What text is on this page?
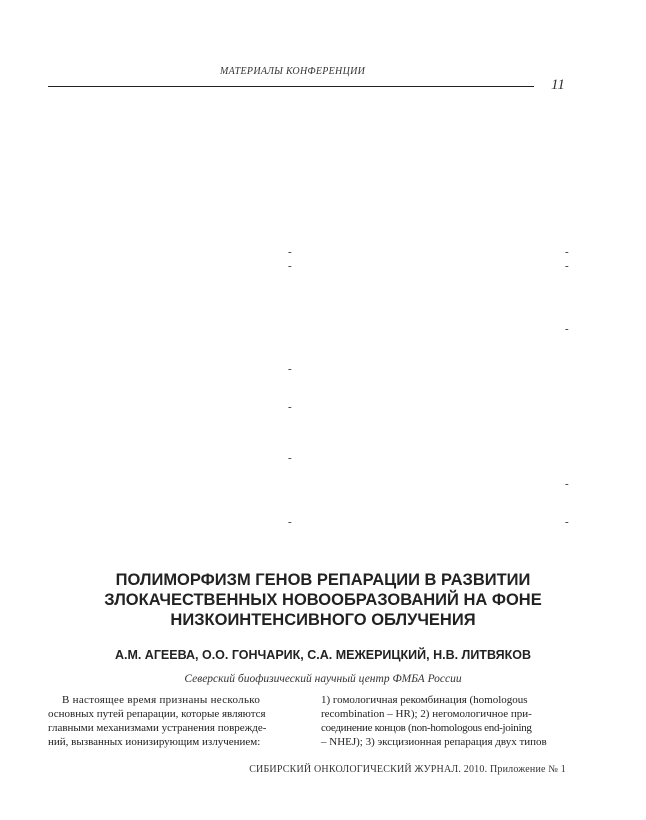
МАТЕРИАЛЫ КОНФЕРЕНЦИИ
11
-	-
-	-
-
-
-
-
-
-	-
ПОЛИМОРФИЗМ ГЕНОВ РЕПАРАЦИИ В РАЗВИТИИ
ЗЛОКАЧЕСТВЕННЫХ НОВООБРАЗОВАНИЙ НА ФОНЕ
НИЗКОИНТЕНСИВНОГО ОБЛУЧЕНИЯ
А.М. АГЕЕВА, О.О. ГОНЧАРИК, С.А. МЕЖЕРИЦКИЙ, Н.В. ЛИТВЯКОВ
Северский биофизический научный центр ФМБА России
В настоящее время признаны несколько
основных путей репарации, которые являются
главными механизмами устранения поврежде-
ний, вызванных ионизирующим излучением:
1) гомологичная рекомбинация (homologous
recombination – HR); 2) негомологичное при-
соединение концов (non-homologous end-joining
– NHEJ); 3) эксцизионная репарация двух типов
СИБИРСКИЙ ОНКОЛОГИЧЕСКИЙ ЖУРНАЛ. 2010. Приложение № 1
